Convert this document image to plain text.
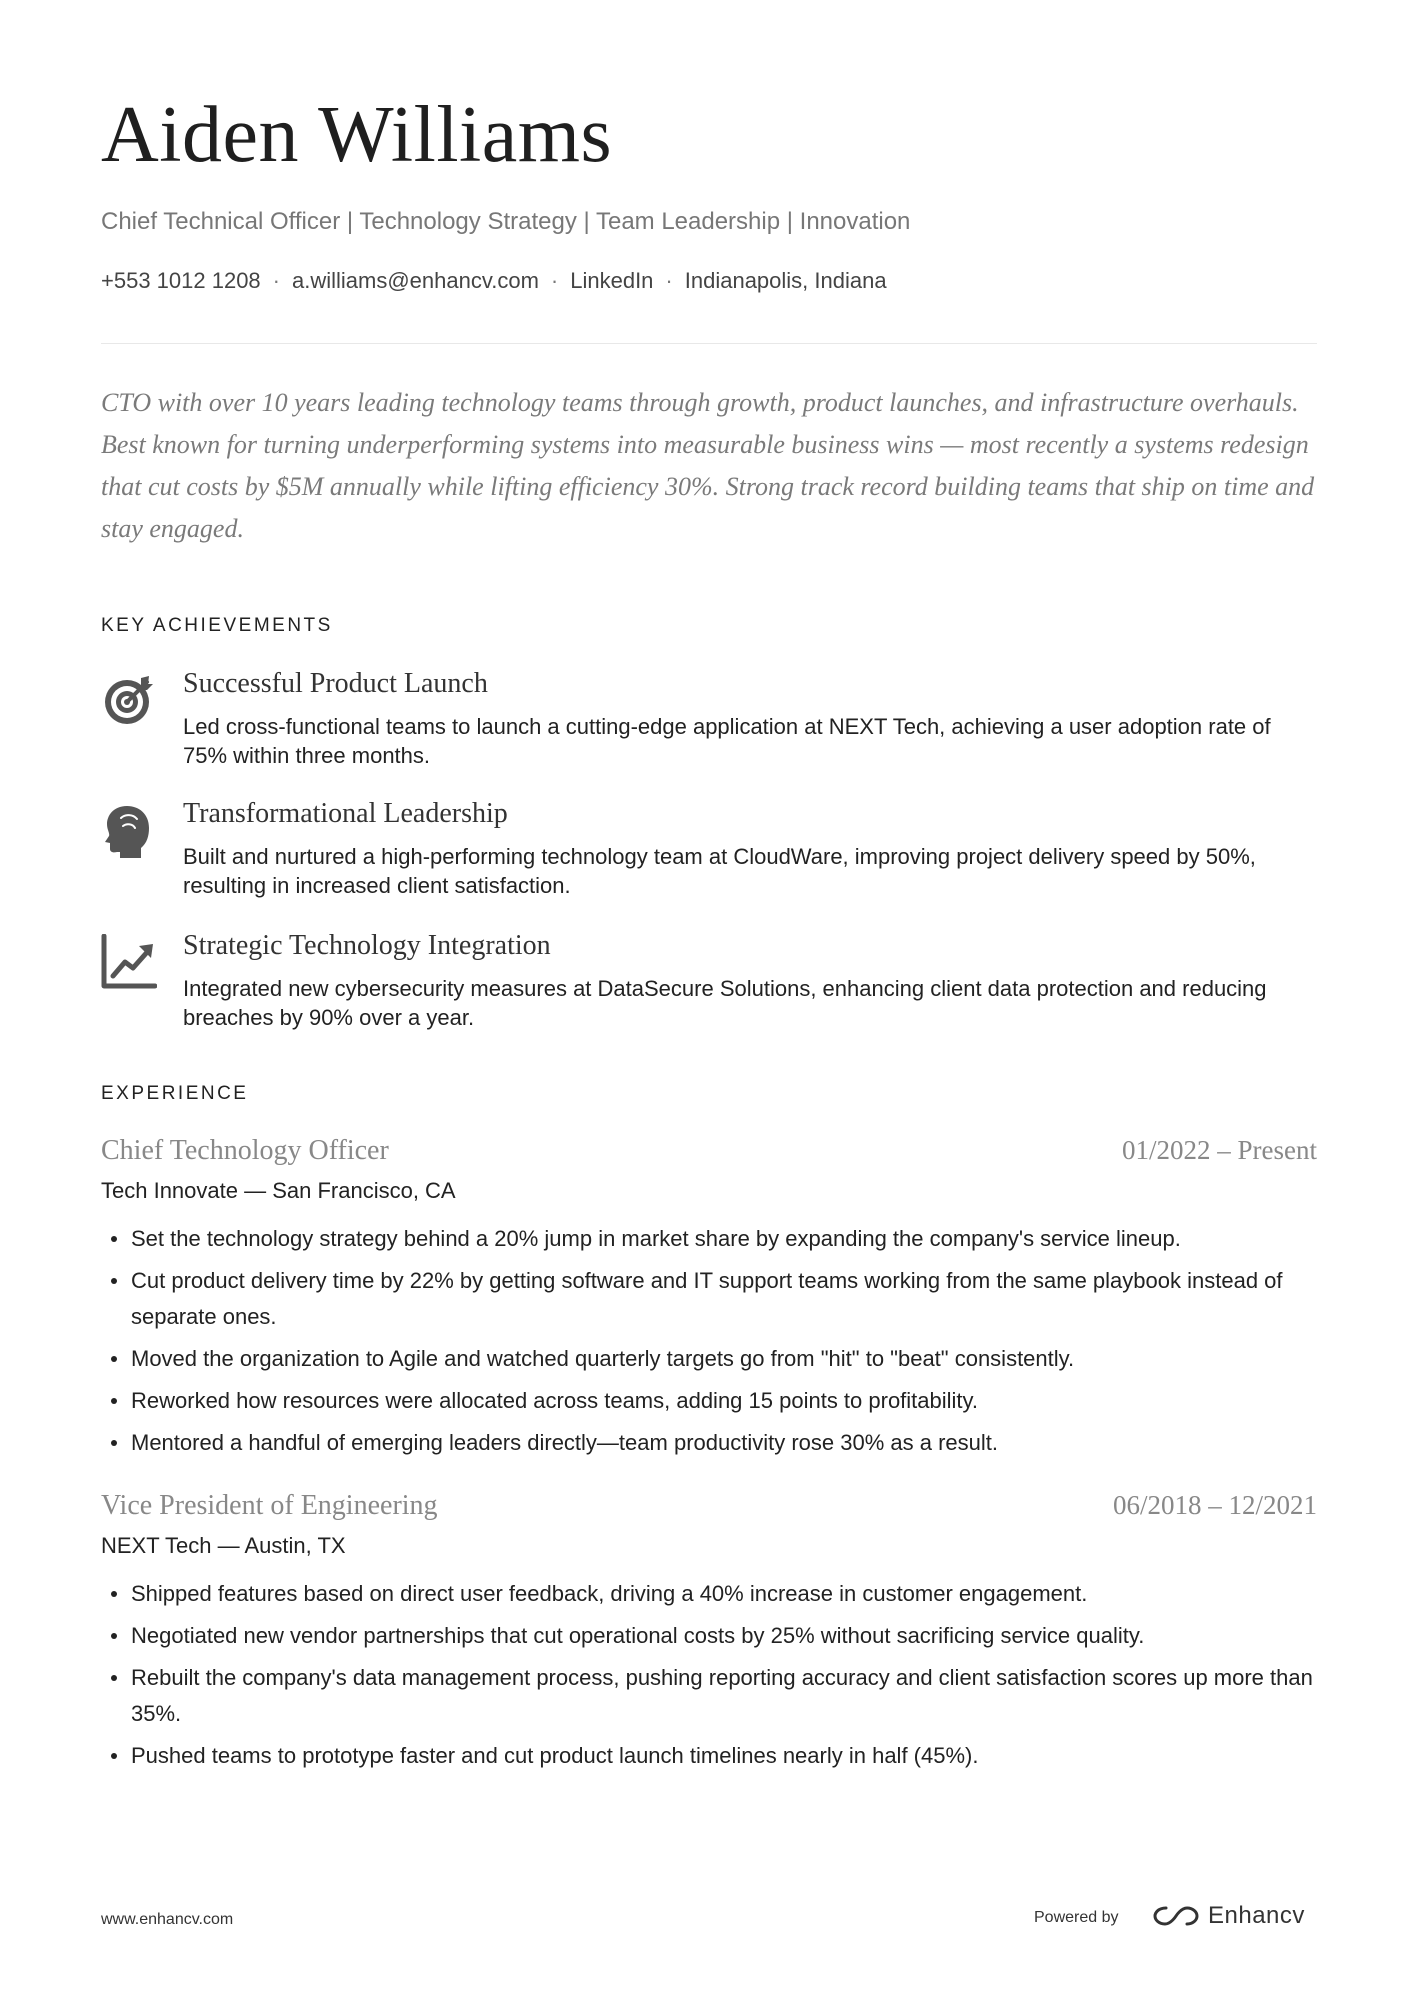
Aiden Williams
Chief Technical Officer | Technology Strategy | Team Leadership | Innovation
+553 1012 1208 · a.williams@enhancv.com · LinkedIn · Indianapolis, Indiana
CTO with over 10 years leading technology teams through growth, product launches, and infrastructure overhauls. Best known for turning underperforming systems into measurable business wins — most recently a systems redesign that cut costs by $5M annually while lifting efficiency 30%. Strong track record building teams that ship on time and stay engaged.
KEY ACHIEVEMENTS
Successful Product Launch
Led cross-functional teams to launch a cutting-edge application at NEXT Tech, achieving a user adoption rate of 75% within three months.
Transformational Leadership
Built and nurtured a high-performing technology team at CloudWare, improving project delivery speed by 50%, resulting in increased client satisfaction.
Strategic Technology Integration
Integrated new cybersecurity measures at DataSecure Solutions, enhancing client data protection and reducing breaches by 90% over a year.
EXPERIENCE
Chief Technology Officer	01/2022 – Present
Tech Innovate — San Francisco, CA
Set the technology strategy behind a 20% jump in market share by expanding the company's service lineup.
Cut product delivery time by 22% by getting software and IT support teams working from the same playbook instead of separate ones.
Moved the organization to Agile and watched quarterly targets go from "hit" to "beat" consistently.
Reworked how resources were allocated across teams, adding 15 points to profitability.
Mentored a handful of emerging leaders directly—team productivity rose 30% as a result.
Vice President of Engineering	06/2018 – 12/2021
NEXT Tech — Austin, TX
Shipped features based on direct user feedback, driving a 40% increase in customer engagement.
Negotiated new vendor partnerships that cut operational costs by 25% without sacrificing service quality.
Rebuilt the company's data management process, pushing reporting accuracy and client satisfaction scores up more than 35%.
Pushed teams to prototype faster and cut product launch timelines nearly in half (45%).
www.enhancv.com	Powered by	Enhancv
